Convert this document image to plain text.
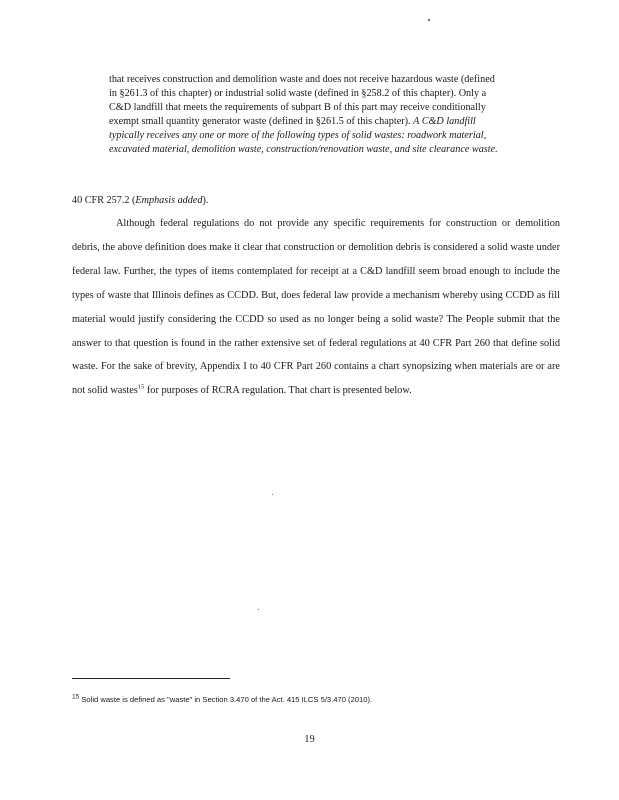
that receives construction and demolition waste and does not receive hazardous waste (defined in §261.3 of this chapter) or industrial solid waste (defined in §258.2 of this chapter). Only a C&D landfill that meets the requirements of subpart B of this part may receive conditionally exempt small quantity generator waste (defined in §261.5 of this chapter). A C&D landfill typically receives any one or more of the following types of solid wastes: roadwork material, excavated material, demolition waste, construction/renovation waste, and site clearance waste.

40 CFR 257.2 (Emphasis added).

Although federal regulations do not provide any specific requirements for construction or demolition debris, the above definition does make it clear that construction or demolition debris is considered a solid waste under federal law. Further, the types of items contemplated for receipt at a C&D landfill seem broad enough to include the types of waste that Illinois defines as CCDD. But, does federal law provide a mechanism whereby using CCDD as fill material would justify considering the CCDD so used as no longer being a solid waste? The People submit that the answer to that question is found in the rather extensive set of federal regulations at 40 CFR Part 260 that define solid waste. For the sake of brevity, Appendix I to 40 CFR Part 260 contains a chart synopsizing when materials are or are not solid wastes$^{15}$ for purposes of RCRA regulation. That chart is presented below.

$^{15}$ Solid waste is defined as "waste" in Section 3.470 of the Act. 415 ILCS 5/3.470 (2010).
19
